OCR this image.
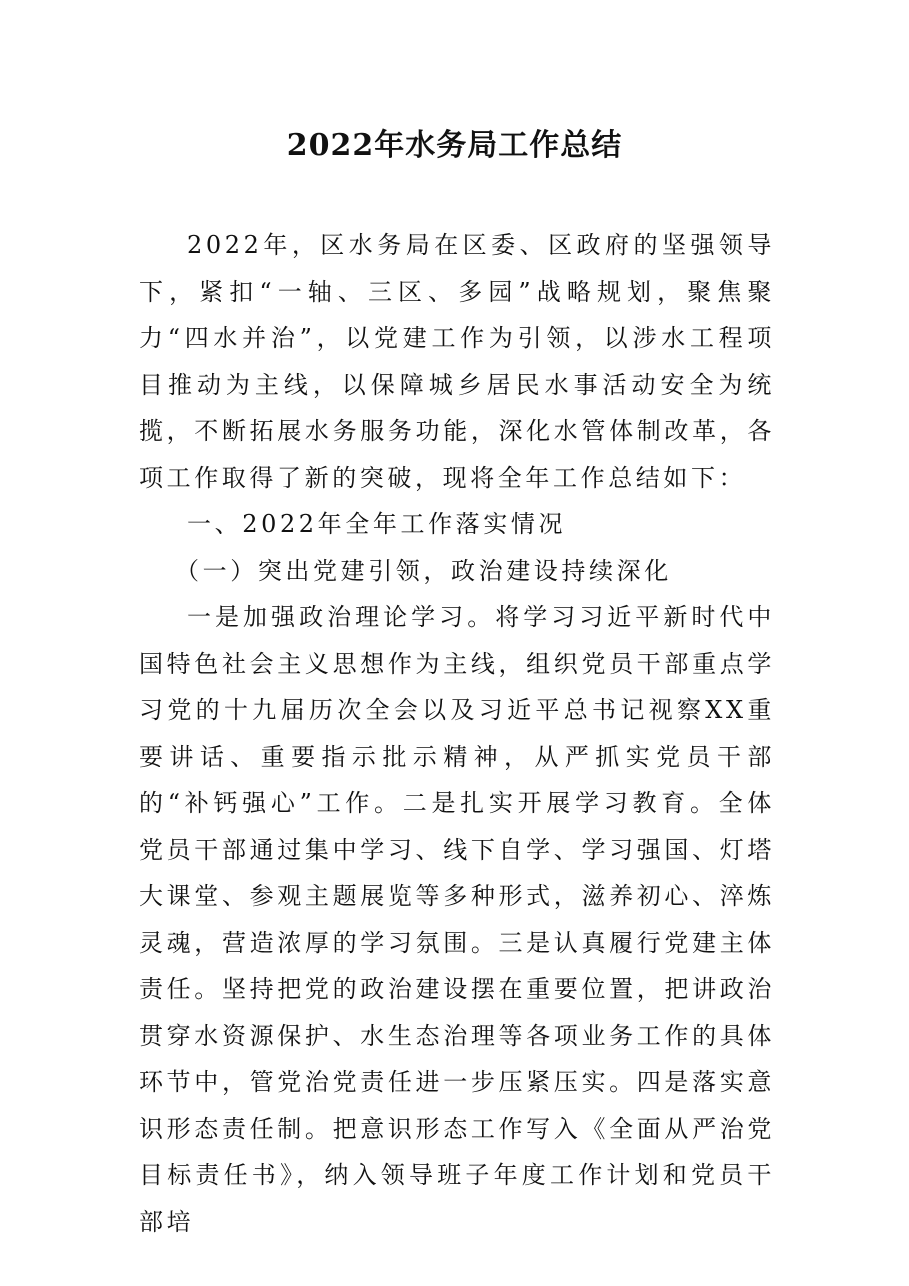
2022年水务局工作总结

2022年，区水务局在区委、区政府的坚强领导下，紧扣“一轴、三区、多园”战略规划，聚焦聚力“四水并治”，以党建工作为引领，以涉水工程项目推动为主线，以保障城乡居民水事活动安全为统揽，不断拓展水务服务功能，深化水管体制改革，各项工作取得了新的突破，现将全年工作总结如下：

一、2022年全年工作落实情况

（一）突出党建引领，政治建设持续深化

一是加强政治理论学习。将学习习近平新时代中国特色社会主义思想作为主线，组织党员干部重点学习党的十九届历次全会以及习近平总书记视察XX重要讲话、重要指示批示精神，从严抓实党员干部的“补钙强心”工作。二是扎实开展学习教育。全体党员干部通过集中学习、线下自学、学习强国、灯塔大课堂、参观主题展览等多种形式，滋养初心、淬炼灵魂，营造浓厚的学习氛围。三是认真履行党建主体责任。坚持把党的政治建设摆在重要位置，把讲政治贯穿水资源保护、水生态治理等各项业务工作的具体环节中，管党治党责任进一步压紧压实。四是落实意识形态责任制。把意识形态工作写入《全面从严治党目标责任书》，纳入领导班子年度工作计划和党员干部培
